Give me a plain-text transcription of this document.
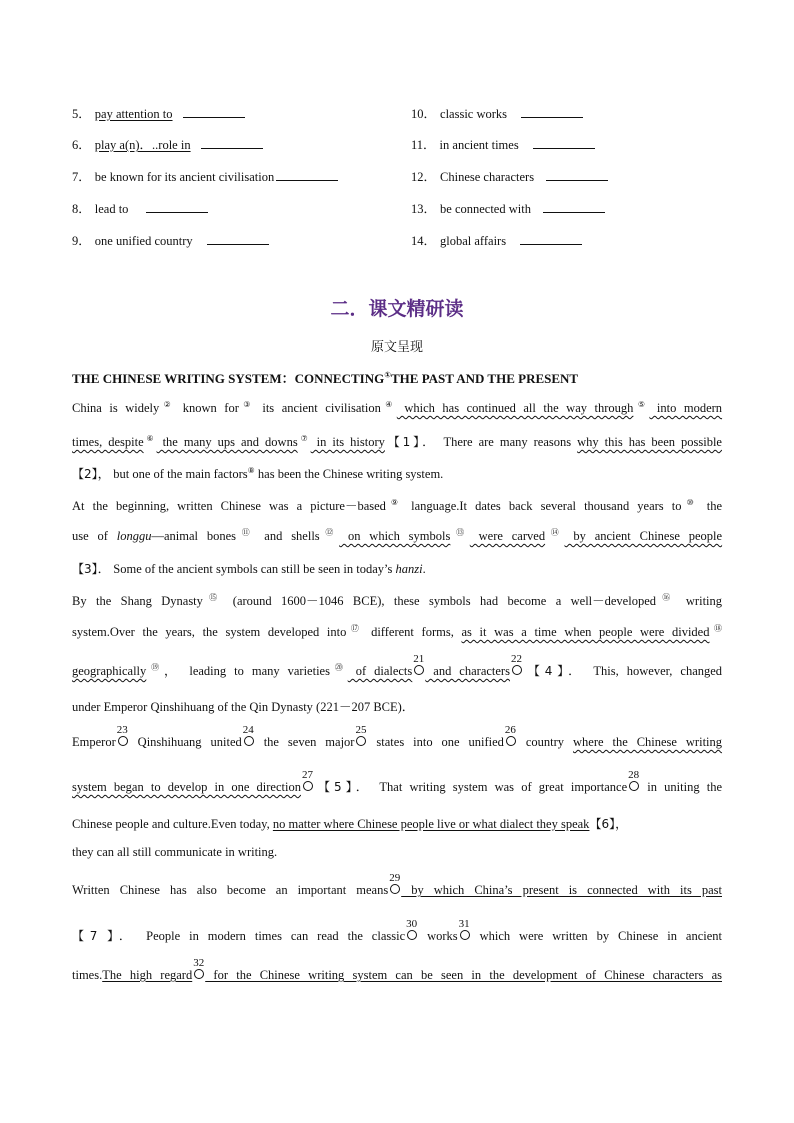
5． pay attention to
6． play a(n)．..role in
7． be known for its ancient civilisation
8． lead to
9． one unified country
10． classic works
11． in ancient times
12． Chinese characters
13． be connected with
14． global affairs
二．课文精研读
原文呈现
THE CHINESE WRITING SYSTEM：CONNECTING①THE PAST AND THE PRESENT
China is widely② known for③ its ancient civilisation④ which has continued all the way through⑤ into modern
times, despite⑥ the many ups and downs⑦ in its history【1】． There are many reasons why this has been possible
【2】， but one of the main factors⑧ has been the Chinese writing system.
At the beginning, written Chinese was a picture－based⑨ language.It dates back several thousand years to⑩ the
use of longgu—animal bones⑪ and shells⑫ on which symbols⑬ were carved⑭ by ancient Chinese people
【3】． Some of the ancient symbols can still be seen in today’s hanzi.
By the Shang Dynasty⑮ (around 1600－1046 BCE), these symbols had become a well－developed⑯ writing
system.Over the years, the system developed into⑰ different forms, as it was a time when people were divided⑱
geographically⑲， leading to many varieties⑳ of dialects
21
and characters
22
【4】． This, however, changed
under Emperor Qinshihuang of the Qin Dynasty (221－207 BCE)．
Emperor
23
Qinshihuang united
24
the seven major
25
states into one unified
26
country where the Chinese writing
system began to develop in one direction
27
【5】． That writing system was of great importance
28
in uniting the
Chinese people and culture.Even today, no matter where Chinese people live or what dialect they speak【6】，
they can all still communicate in writing.
Written Chinese has also become an important means
29
by which China’s present is connected with its past
【7 】． People in modern times can read the classic
30
works
31
which were written by Chinese in ancient
times.The high regard
32
for the Chinese writing system can be seen in the development of Chinese characters as
